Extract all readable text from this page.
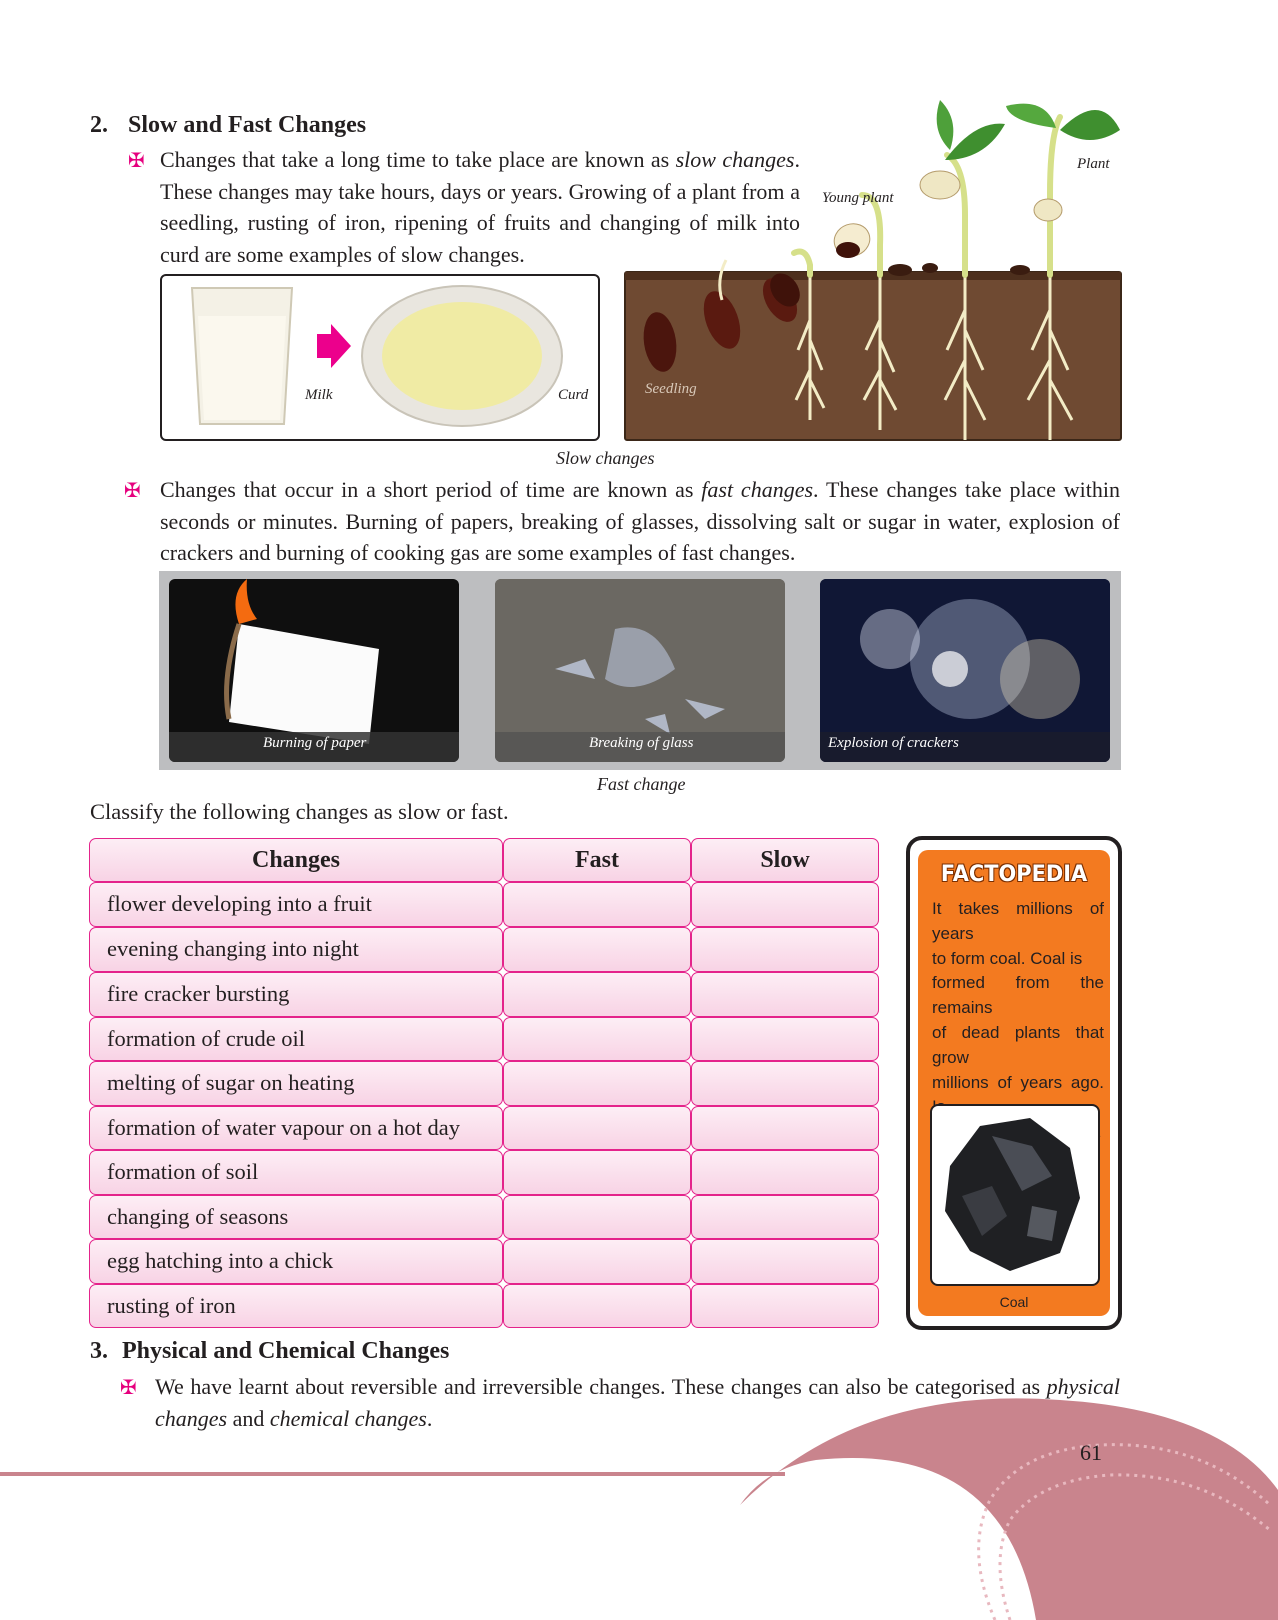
2. Slow and Fast Changes
✠ Changes that take a long time to take place are known as slow changes. These changes may take hours, days or years. Growing of a plant from a seedling, rusting of iron, ripening of fruits and changing of milk into curd are some examples of slow changes.
Young plant
Plant
Seedling
Milk	Curd
Slow changes
✠ Changes that occur in a short period of time are known as fast changes. These changes take place within seconds or minutes. Burning of papers, breaking of glasses, dissolving salt or sugar in water, explosion of crackers and burning of cooking gas are some examples of fast changes.
Burning of paper	Breaking of glass	Explosion of crackers
Fast change
Classify the following changes as slow or fast.
Changes	Fast	Slow
flower developing into a fruit
evening changing into night
fire cracker bursting
formation of crude oil
melting of sugar on heating
formation of water vapour on a hot day
formation of soil
changing of seasons
egg hatching into a chick
rusting of iron
FACTOPEDIA
It takes millions of years
to form coal. Coal is
formed from the remains
of dead plants that grow
millions of years ago.
Coal
3. Physical and Chemical Changes
✠ We have learnt about reversible and irreversible changes. These changes can also be categorised as physical changes and chemical changes.
61
